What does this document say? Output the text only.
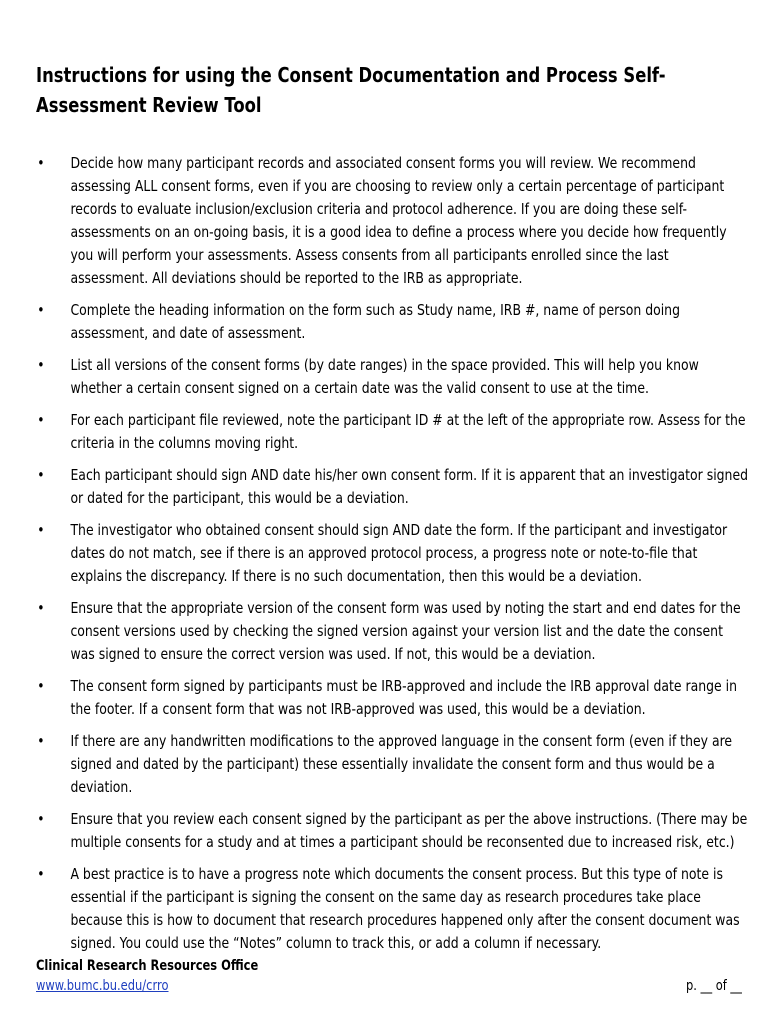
Instructions for using the Consent Documentation and Process Self-Assessment Review Tool
• Decide how many participant records and associated consent forms you will review. We recommend assessing ALL consent forms, even if you are choosing to review only a certain percentage of participant records to evaluate inclusion/exclusion criteria and protocol adherence. If you are doing these self-assessments on an on-going basis, it is a good idea to define a process where you decide how frequently you will perform your assessments. Assess consents from all participants enrolled since the last assessment. All deviations should be reported to the IRB as appropriate.
• Complete the heading information on the form such as Study name, IRB #, name of person doing assessment, and date of assessment.
• List all versions of the consent forms (by date ranges) in the space provided. This will help you know whether a certain consent signed on a certain date was the valid consent to use at the time.
• For each participant file reviewed, note the participant ID # at the left of the appropriate row. Assess for the criteria in the columns moving right.
• Each participant should sign AND date his/her own consent form. If it is apparent that an investigator signed or dated for the participant, this would be a deviation.
• The investigator who obtained consent should sign AND date the form. If the participant and investigator dates do not match, see if there is an approved protocol process, a progress note or note-to-file that explains the discrepancy. If there is no such documentation, then this would be a deviation.
• Ensure that the appropriate version of the consent form was used by noting the start and end dates for the consent versions used by checking the signed version against your version list and the date the consent was signed to ensure the correct version was used. If not, this would be a deviation.
• The consent form signed by participants must be IRB-approved and include the IRB approval date range in the footer. If a consent form that was not IRB-approved was used, this would be a deviation.
• If there are any handwritten modifications to the approved language in the consent form (even if they are signed and dated by the participant) these essentially invalidate the consent form and thus would be a deviation.
• Ensure that you review each consent signed by the participant as per the above instructions. (There may be multiple consents for a study and at times a participant should be reconsented due to increased risk, etc.)
• A best practice is to have a progress note which documents the consent process. But this type of note is essential if the participant is signing the consent on the same day as research procedures take place because this is how to document that research procedures happened only after the consent document was signed. You could use the “Notes” column to track this, or add a column if necessary.
Clinical Research Resources Office
www.bumc.bu.edu/crro	p. __ of __
